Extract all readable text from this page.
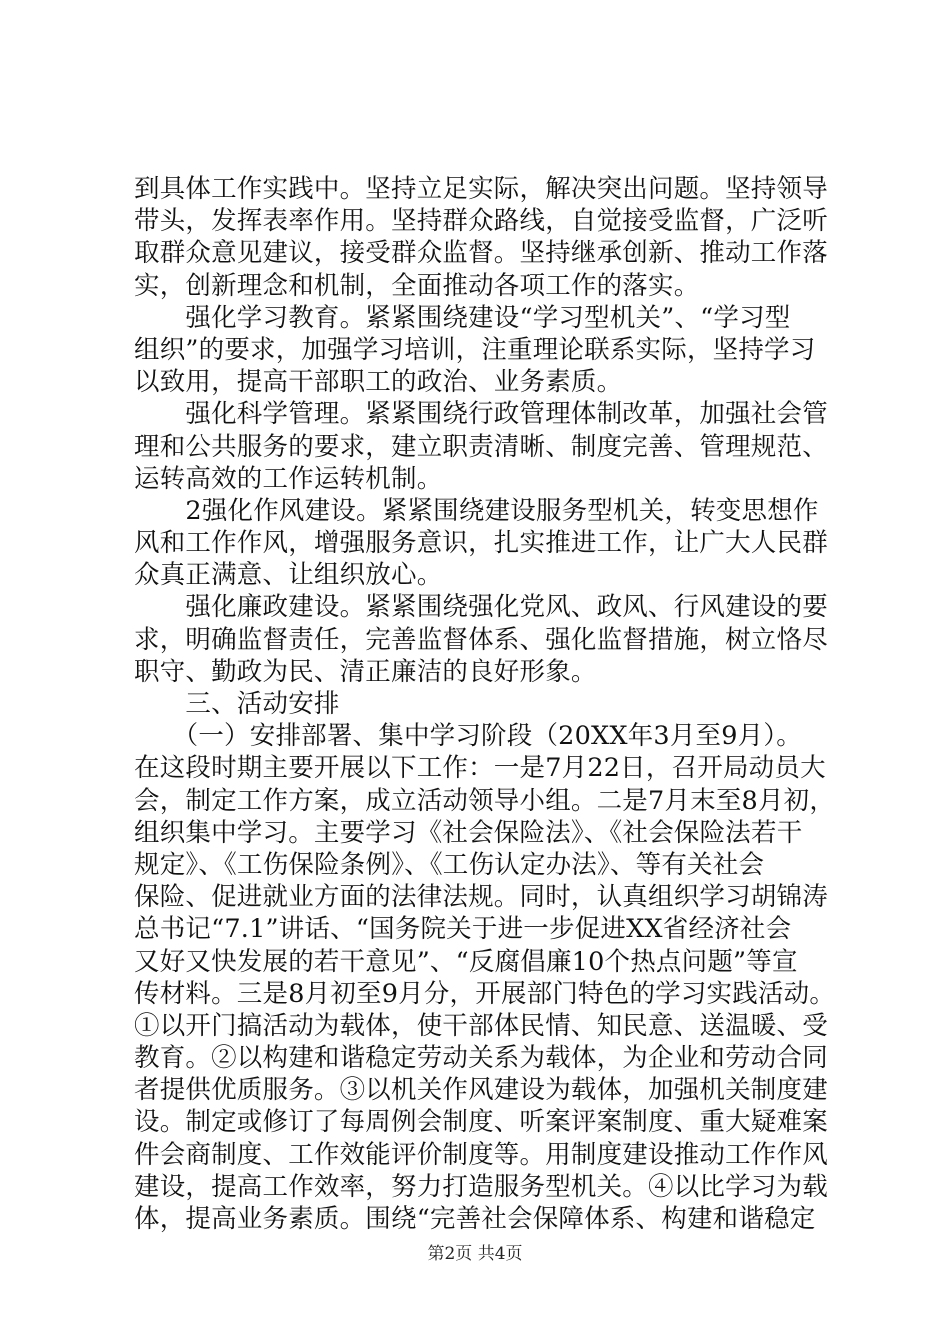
到具体工作实践中。坚持立足实际，解决突出问题。坚持领导
带头，发挥表率作用。坚持群众路线，自觉接受监督，广泛听
取群众意见建议，接受群众监督。坚持继承创新、推动工作落
实，创新理念和机制，全面推动各项工作的落实。
　　强化学习教育。紧紧围绕建设“学习型机关”、“学习型
组织”的要求，加强学习培训，注重理论联系实际，坚持学习
以致用，提高干部职工的政治、业务素质。
　　强化科学管理。紧紧围绕行政管理体制改革，加强社会管
理和公共服务的要求，建立职责清晰、制度完善、管理规范、
运转高效的工作运转机制。
　　2强化作风建设。紧紧围绕建设服务型机关，转变思想作
风和工作作风，增强服务意识，扎实推进工作，让广大人民群
众真正满意、让组织放心。
　　强化廉政建设。紧紧围绕强化党风、政风、行风建设的要
求，明确监督责任，完善监督体系、强化监督措施，树立恪尽
职守、勤政为民、清正廉洁的良好形象。
　　三、活动安排
　　（一）安排部署、集中学习阶段（20XX年3月至9月）。
在这段时期主要开展以下工作：一是7月22日，召开局动员大
会，制定工作方案，成立活动领导小组。二是7月末至8月初，
组织集中学习。主要学习《社会保险法》、《社会保险法若干
规定》、《工伤保险条例》、《工伤认定办法》、等有关社会
保险、促进就业方面的法律法规。同时，认真组织学习胡锦涛
总书记“7.1”讲话、“国务院关于进一步促进XX省经济社会
又好又快发展的若干意见”、“反腐倡廉10个热点问题”等宣
传材料。三是8月初至9月分，开展部门特色的学习实践活动。
①以开门搞活动为载体，使干部体民情、知民意、送温暖、受
教育。②以构建和谐稳定劳动关系为载体，为企业和劳动合同
者提供优质服务。③以机关作风建设为载体，加强机关制度建
设。制定或修订了每周例会制度、听案评案制度、重大疑难案
件会商制度、工作效能评价制度等。用制度建设推动工作作风
建设，提高工作效率，努力打造服务型机关。④以比学习为载
体，提高业务素质。围绕“完善社会保障体系、构建和谐稳定
第2页 共4页
